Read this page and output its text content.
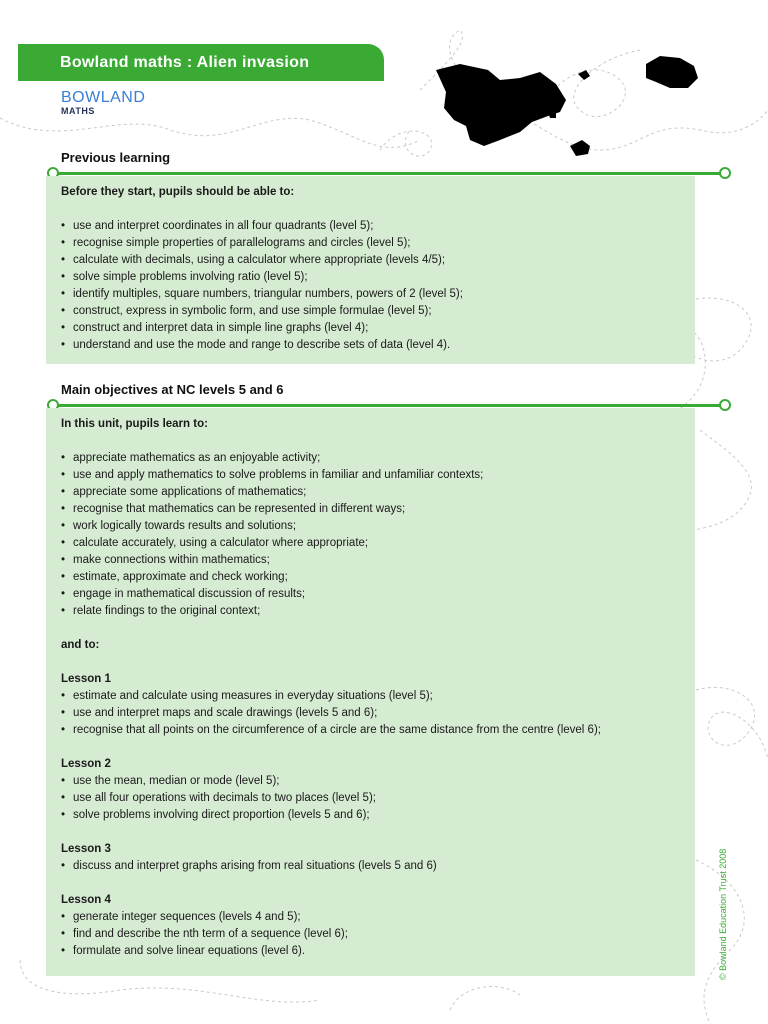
Bowland maths : Alien invasion
BOWLAND
MATHS
Previous learning

Before they start, pupils should be able to:

• use and interpret coordinates in all four quadrants (level 5);
• recognise simple properties of parallelograms and circles (level 5);
• calculate with decimals, using a calculator where appropriate (levels 4/5);
• solve simple problems involving ratio (level 5);
• identify multiples, square numbers, triangular numbers, powers of 2 (level 5);
• construct, express in symbolic form, and use simple formulae (level 5);
• construct and interpret data in simple line graphs (level 4);
• understand and use the mode and range to describe sets of data (level 4).
Main objectives at NC levels 5 and 6

In this unit, pupils learn to:

• appreciate mathematics as an enjoyable activity;
• use and apply mathematics to solve problems in familiar and unfamiliar contexts;
• appreciate some applications of mathematics;
• recognise that mathematics can be represented in different ways;
• work logically towards results and solutions;
• calculate accurately, using a calculator where appropriate;
• make connections within mathematics;
• estimate, approximate and check working;
• engage in mathematical discussion of results;
• relate findings to the original context;
and to:
Lesson 1
• estimate and calculate using measures in everyday situations (level 5);
• use and interpret maps and scale drawings (levels 5 and 6);
• recognise that all points on the circumference of a circle are the same distance from the centre (level 6);
Lesson 2
• use the mean, median or mode (level 5);
• use all four operations with decimals to two places (level 5);
• solve problems involving direct proportion (levels 5 and 6);
Lesson 3
• discuss and interpret graphs arising from real situations (levels 5 and 6)
Lesson 4
• generate integer sequences (levels 4 and 5);
• find and describe the nth term of a sequence (level 6);
• formulate and solve linear equations (level 6).	© Bowland Education Trust 2008
